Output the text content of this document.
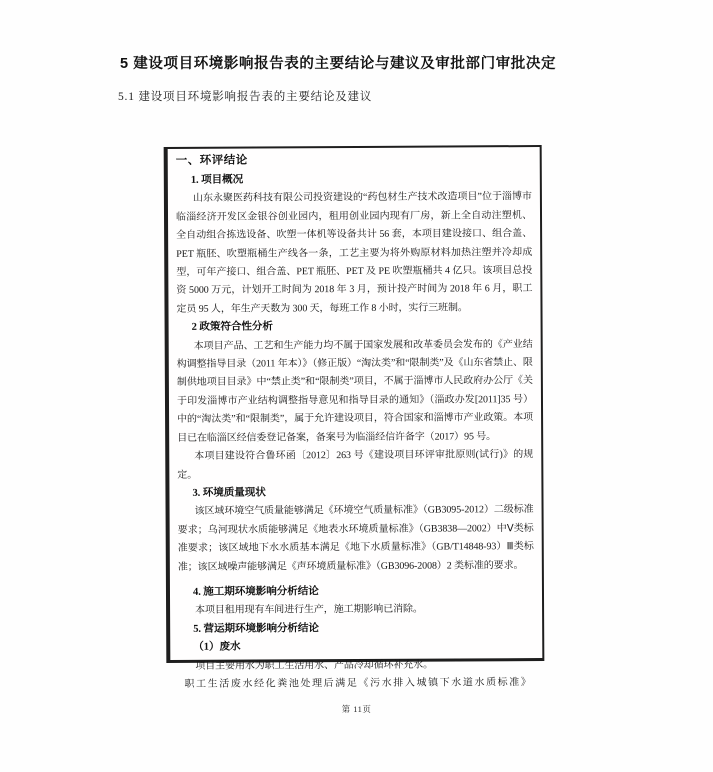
5 建设项目环境影响报告表的主要结论与建议及审批部门审批决定
5.1 建设项目环境影响报告表的主要结论及建议

一、环评结论

1. 项目概况

山东永聚医药科技有限公司投资建设的“药包材生产技术改造项目”位于淄博市临淄经济开发区金银谷创业园内，租用创业园内现有厂房，新上全自动注塑机、全自动组合拣选设备、吹塑一体机等设备共计 56 套，本项目建设接口、组合盖、PET 瓶胚、吹塑瓶桶生产线各一条，工艺主要为将外购原材料加热注塑并冷却成型，可年产接口、组合盖、PET 瓶胚、PET 及 PE 吹塑瓶桶共 4 亿只。该项目总投资 5000 万元，计划开工时间为 2018 年 3 月，预计投产时间为 2018 年 6 月，职工定员 95 人，年生产天数为 300 天，每班工作 8 小时，实行三班制。

2 政策符合性分析

本项目产品、工艺和生产能力均不属于国家发展和改革委员会发布的《产业结构调整指导目录（2011 年本）》（修正版）“淘汰类”和“限制类”及《山东省禁止、限制供地项目目录》中“禁止类”和“限制类”项目，不属于淄博市人民政府办公厅《关于印发淄博市产业结构调整指导意见和指导目录的通知》（淄政办发[2011]35 号）中的“淘汰类”和“限制类”，属于允许建设项目，符合国家和淄博市产业政策。本项目已在临淄区经信委登记备案，备案号为临淄经信许备字（2017）95 号。

本项目建设符合鲁环函〔2012〕263 号《建设项目环评审批原则(试行)》的规定。

3. 环境质量现状

该区域环境空气质量能够满足《环境空气质量标准》（GB3095-2012）二级标准要求；乌河现状水质能够满足《地表水环境质量标准》（GB3838—2002）中Ⅴ类标准要求；该区域地下水水质基本满足《地下水质量标准》（GB/T14848-93）Ⅲ类标准；该区域噪声能够满足《声环境质量标准》（GB3096-2008）2 类标准的要求。

4. 施工期环境影响分析结论

本项目租用现有车间进行生产，施工期影响已消除。

5. 营运期环境影响分析结论

（1）废水

项目主要用水为职工生活用水、产品冷却循环补充水。

职工生活废水经化粪池处理后满足《污水排入城镇下水道水质标准》

第 11页
